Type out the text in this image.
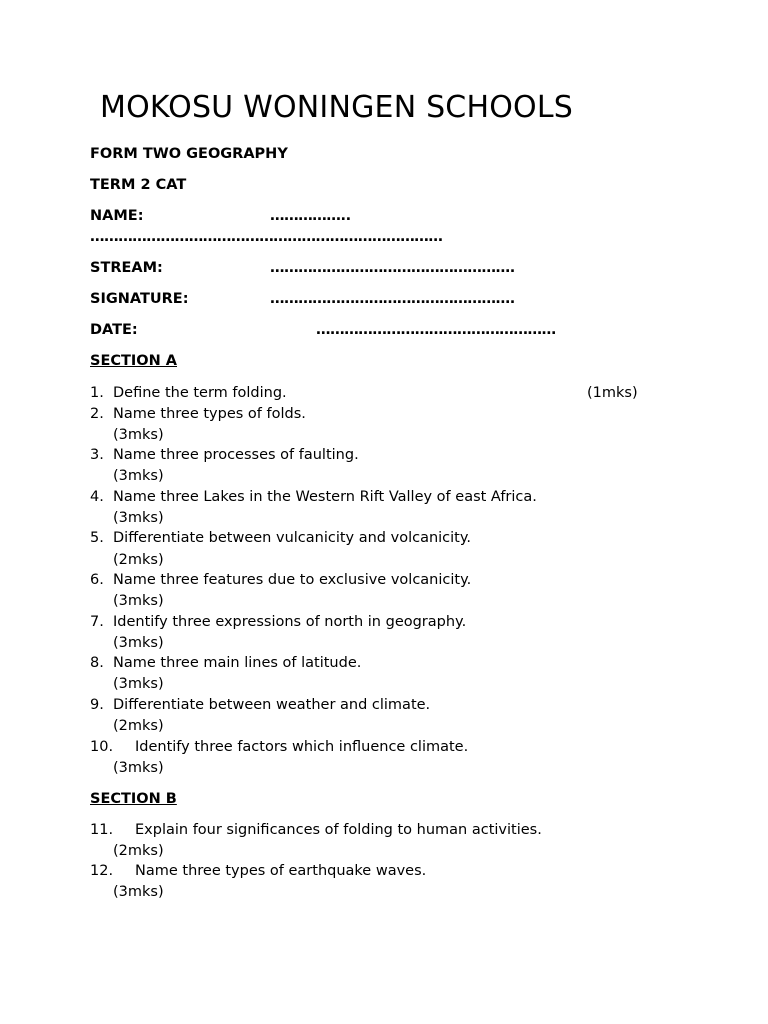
MOKOSU WONINGEN SCHOOLS
FORM TWO GEOGRAPHY
TERM 2 CAT
NAME:	……………..
…………………………………………………………………
STREAM:	…………………………………………….
SIGNATURE:	…………………………………………….
DATE:	……………………………………………
SECTION A
1. Define the term folding.	(1mks)
2. Name three types of folds.
(3mks)
3. Name three processes of faulting.
(3mks)
4. Name three Lakes in the Western Rift Valley of east Africa.
(3mks)
5. Differentiate between vulcanicity and volcanicity.
(2mks)
6. Name three features due to exclusive volcanicity.
(3mks)
7. Identify three expressions of north in geography.
(3mks)
8. Name three main lines of latitude.
(3mks)
9. Differentiate between weather and climate.
(2mks)
10. Identify three factors which influence climate.
(3mks)
SECTION B
11. Explain four significances of folding to human activities.
(2mks)
12. Name three types of earthquake waves.
(3mks)
